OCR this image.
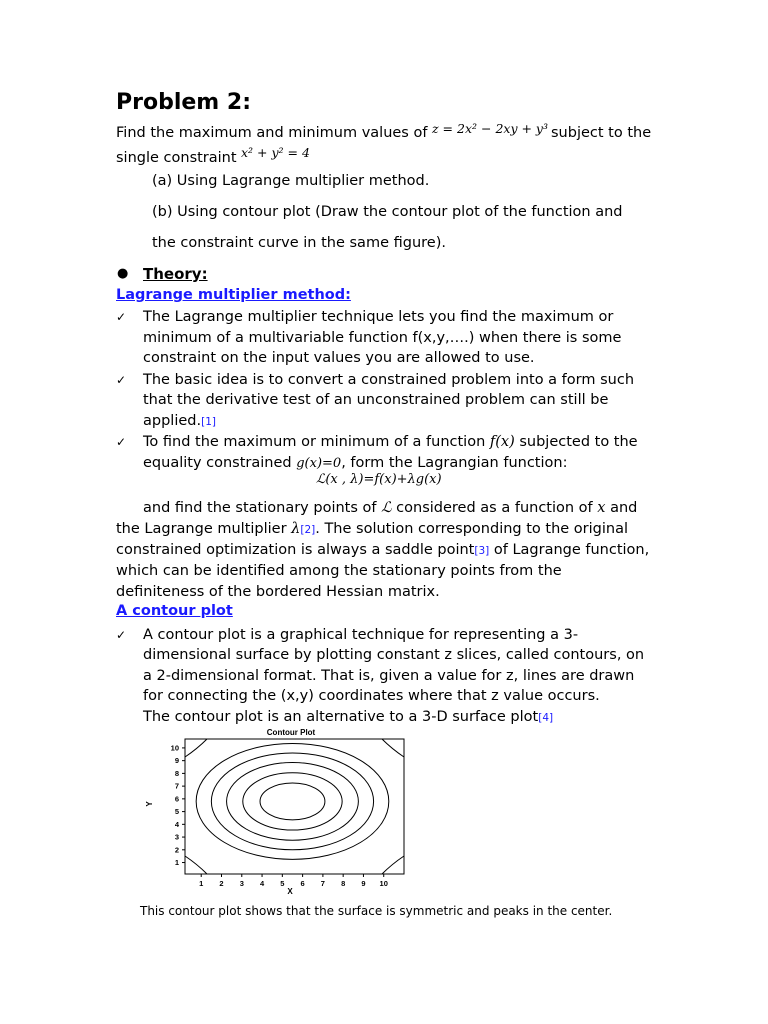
Problem 2:
Find the maximum and minimum values of z = 2x² − 2xy + y³ subject to the
single constraint x² + y² = 4
(a) Using Lagrange multiplier method.
(b) Using contour plot (Draw the contour plot of the function and
the constraint curve in the same figure).
● Theory:
Lagrange multiplier method:
✓ The Lagrange multiplier technique lets you find the maximum or
minimum of a multivariable function f(x,y,….) when there is some
constraint on the input values you are allowed to use.
✓ The basic idea is to convert a constrained problem into a form such
that the derivative test of an unconstrained problem can still be
applied.[1]
✓ To find the maximum or minimum of a function f(x) subjected to the
equality constrained g(x)=0, form the Lagrangian function:
ℒ(x , λ)=f(x)+λg(x)
and find the stationary points of ℒ considered as a function of x and
the Lagrange multiplier λ[2]. The solution corresponding to the original
constrained optimization is always a saddle point[3] of Lagrange function,
which can be identified among the stationary points from the
definiteness of the bordered Hessian matrix.
A contour plot
✓ A contour plot is a graphical technique for representing a 3-
dimensional surface by plotting constant z slices, called contours, on
a 2-dimensional format. That is, given a value for z, lines are drawn
for connecting the (x,y) coordinates where that z value occurs.
The contour plot is an alternative to a 3-D surface plot[4]
Contour Plot
1 2 3 4 5 6 7 8 9 10
1
2
3
4
5
6
7
8
9
10
X
Y
This contour plot shows that the surface is symmetric and peaks in the center.
